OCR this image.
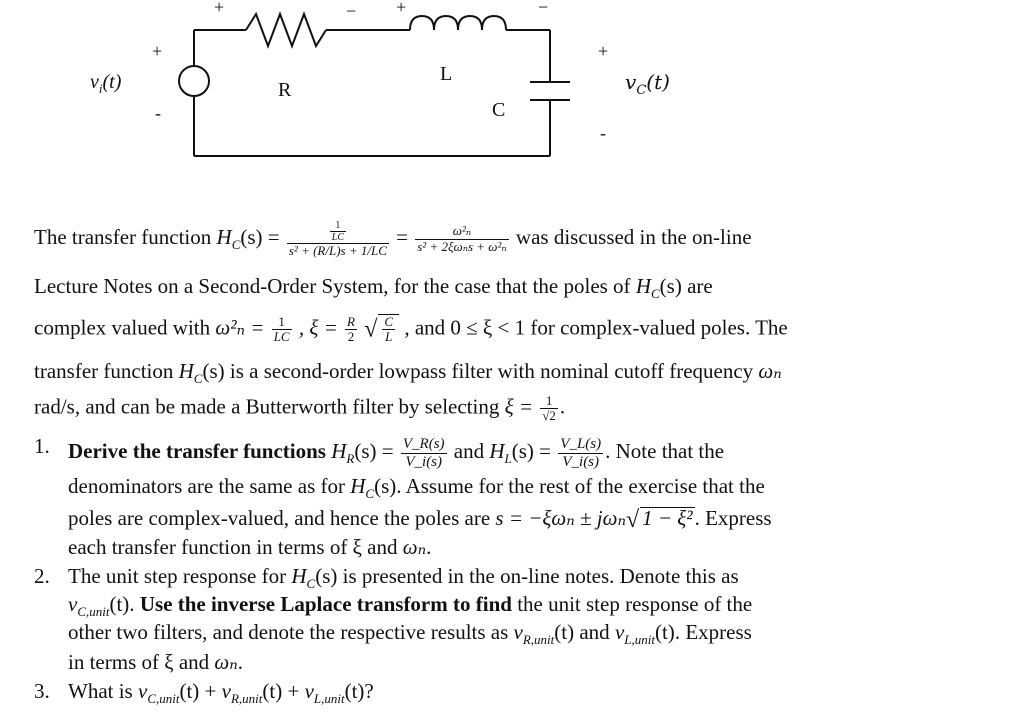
+
-
$v_i(t)$
+	−
R
+	−
L
C
+
-
$v_C(t)$
The transfer function $H_C(s) = \frac{\frac{1}{LC}}{\text{s² + (R/L)s + 1/LC}} = \frac{\text{ω²ₙ}}{\text{s² + 2ξωₙs + ω²ₙ}}$ was discussed in the on-line
Lecture Notes on a Second-Order System, for the case that the poles of $H_C(s)$ are
complex valued with $\omega^2_n = \frac{1}{LC}$ , $\xi = \frac{R}{2}$ √ $\frac{C}{L}$ , and 0 ≤ ξ < 1 for complex-valued poles. The
transfer function $H_C(s)$ is a second-order lowpass filter with nominal cutoff frequency ωₙ
rad/s, and can be made a Butterworth filter by selecting $\xi = \frac{1}{√2}$ .
1. Derive the transfer functions $H_R(s) = \frac{V\_R(s)}{V\_i(s)}$ and $H_L(s) = \frac{V\_L(s)}{V\_i(s)}$ . Note that the
denominators are the same as for $H_C(s)$. Assume for the rest of the exercise that the
poles are complex-valued, and hence the poles are s = −ξωₙ ± jωₙ√ 1 − ξ². Express
each transfer function in terms of ξ and ωₙ.
2. The unit step response for $H_C(s)$ is presented in the on-line notes. Denote this as
$v_{C,unit}(t)$. Use the inverse Laplace transform to find the unit step response of the
other two filters, and denote the respective results as $v_{R,unit}(t)$ and $v_{L,unit}(t)$. Express
in terms of ξ and ωₙ.
3. What is $v_{C,unit}(t) + v_{R,unit}(t) + v_{L,unit}(t)$?
